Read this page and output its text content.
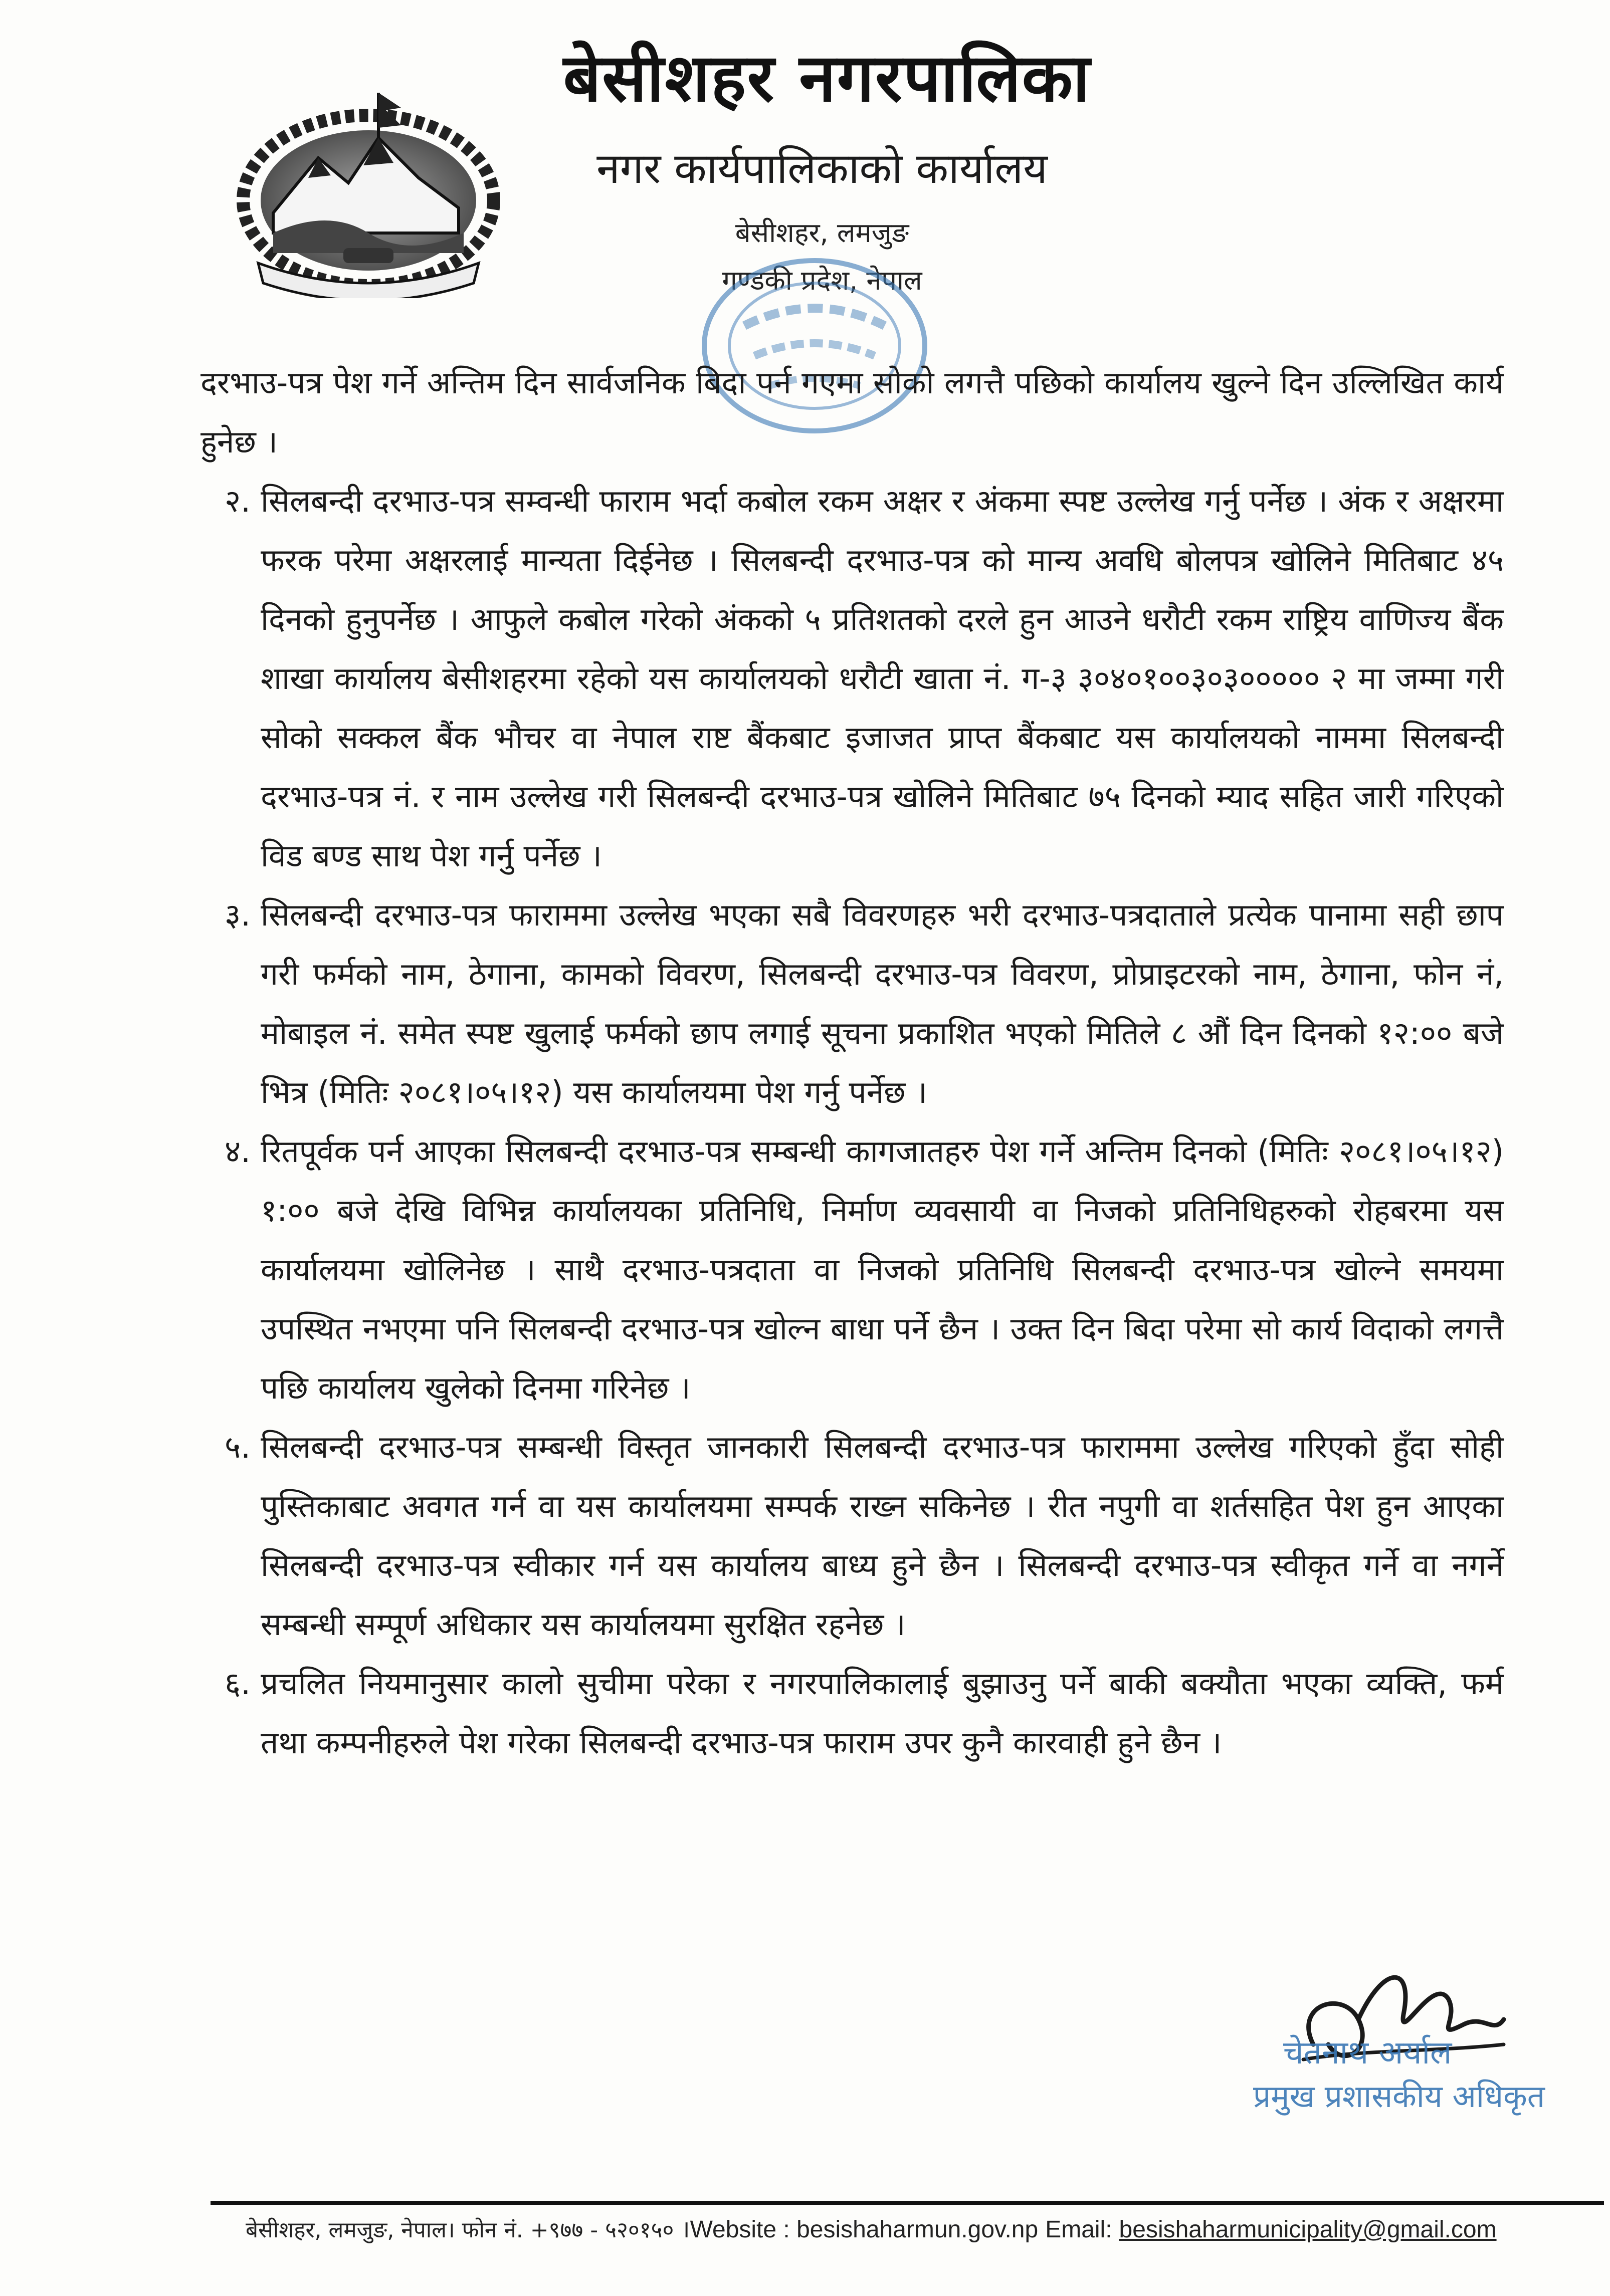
बेसीशहर नगरपालिका
नगर कार्यपालिकाको कार्यालय
बेसीशहर, लमजुङ
गण्डकी प्रदेश, नेपाल

दरभाउ-पत्र पेश गर्ने अन्तिम दिन सार्वजनिक बिदा पर्न गएमा सोको लगत्तै पछिको कार्यालय खुल्ने दिन उल्लिखित कार्य हुनेछ ।

२. सिलबन्दी दरभाउ-पत्र सम्वन्धी फाराम भर्दा कबोल रकम अक्षर र अंकमा स्पष्ट उल्लेख गर्नु पर्नेछ । अंक र अक्षरमा फरक परेमा अक्षरलाई मान्यता दिईनेछ । सिलबन्दी दरभाउ-पत्र को मान्य अवधि बोलपत्र खोलिने मितिबाट ४५ दिनको हुनुपर्नेछ । आफुले कबोल गरेको अंकको ५ प्रतिशतको दरले हुन आउने धरौटी रकम राष्ट्रिय वाणिज्य बैंक शाखा कार्यालय बेसीशहरमा रहेको यस कार्यालयको धरौटी खाता नं. ग-३ ३०४०१००३०३००००० २ मा जम्मा गरी सोको सक्कल बैंक भौचर वा नेपाल राष्ट बैंकबाट इजाजत प्राप्त बैंकबाट यस कार्यालयको नाममा सिलबन्दी दरभाउ-पत्र नं. र नाम उल्लेख गरी सिलबन्दी दरभाउ-पत्र खोलिने मितिबाट ७५ दिनको म्याद सहित जारी गरिएको विड बण्ड साथ पेश गर्नु पर्नेछ ।

३. सिलबन्दी दरभाउ-पत्र फाराममा उल्लेख भएका सबै विवरणहरु भरी दरभाउ-पत्रदाताले प्रत्येक पानामा सही छाप गरी फर्मको नाम, ठेगाना, कामको विवरण, सिलबन्दी दरभाउ-पत्र विवरण, प्रोप्राइटरको नाम, ठेगाना, फोन नं, मोबाइल नं. समेत स्पष्ट खुलाई फर्मको छाप लगाई सूचना प्रकाशित भएको मितिले ८ औं दिन दिनको १२:०० बजे भित्र (मितिः २०८१।०५।१२) यस कार्यालयमा पेश गर्नु पर्नेछ ।

४. रितपूर्वक पर्न आएका सिलबन्दी दरभाउ-पत्र सम्बन्धी कागजातहरु पेश गर्ने अन्तिम दिनको (मितिः २०८१।०५।१२) १:०० बजे देखि विभिन्न कार्यालयका प्रतिनिधि, निर्माण व्यवसायी वा निजको प्रतिनिधिहरुको रोहबरमा यस कार्यालयमा खोलिनेछ । साथै दरभाउ-पत्रदाता वा निजको प्रतिनिधि सिलबन्दी दरभाउ-पत्र खोल्ने समयमा उपस्थित नभएमा पनि सिलबन्दी दरभाउ-पत्र खोल्न बाधा पर्ने छैन । उक्त दिन बिदा परेमा सो कार्य विदाको लगत्तै पछि कार्यालय खुलेको दिनमा गरिनेछ ।

५. सिलबन्दी दरभाउ-पत्र सम्बन्धी विस्तृत जानकारी सिलबन्दी दरभाउ-पत्र फाराममा उल्लेख गरिएको हुँदा सोही पुस्तिकाबाट अवगत गर्न वा यस कार्यालयमा सम्पर्क राख्न सकिनेछ । रीत नपुगी वा शर्तसहित पेश हुन आएका सिलबन्दी दरभाउ-पत्र स्वीकार गर्न यस कार्यालय बाध्य हुने छैन । सिलबन्दी दरभाउ-पत्र स्वीकृत गर्ने वा नगर्ने सम्बन्धी सम्पूर्ण अधिकार यस कार्यालयमा सुरक्षित रहनेछ ।

६. प्रचलित नियमानुसार कालो सुचीमा परेका र नगरपालिकालाई बुझाउनु पर्ने बाकी बक्यौता भएका व्यक्ति, फर्म तथा कम्पनीहरुले पेश गरेका सिलबन्दी दरभाउ-पत्र फाराम उपर कुनै कारवाही हुने छैन ।

चेतनाथ अर्याल
प्रमुख प्रशासकीय अधिकृत
बेसीशहर, लमजुङ, नेपाल। फोन नं. +९७७ - ५२०१५० ।Website : besishaharmun.gov.np Email: besishaharmunicipality@gmail.com
